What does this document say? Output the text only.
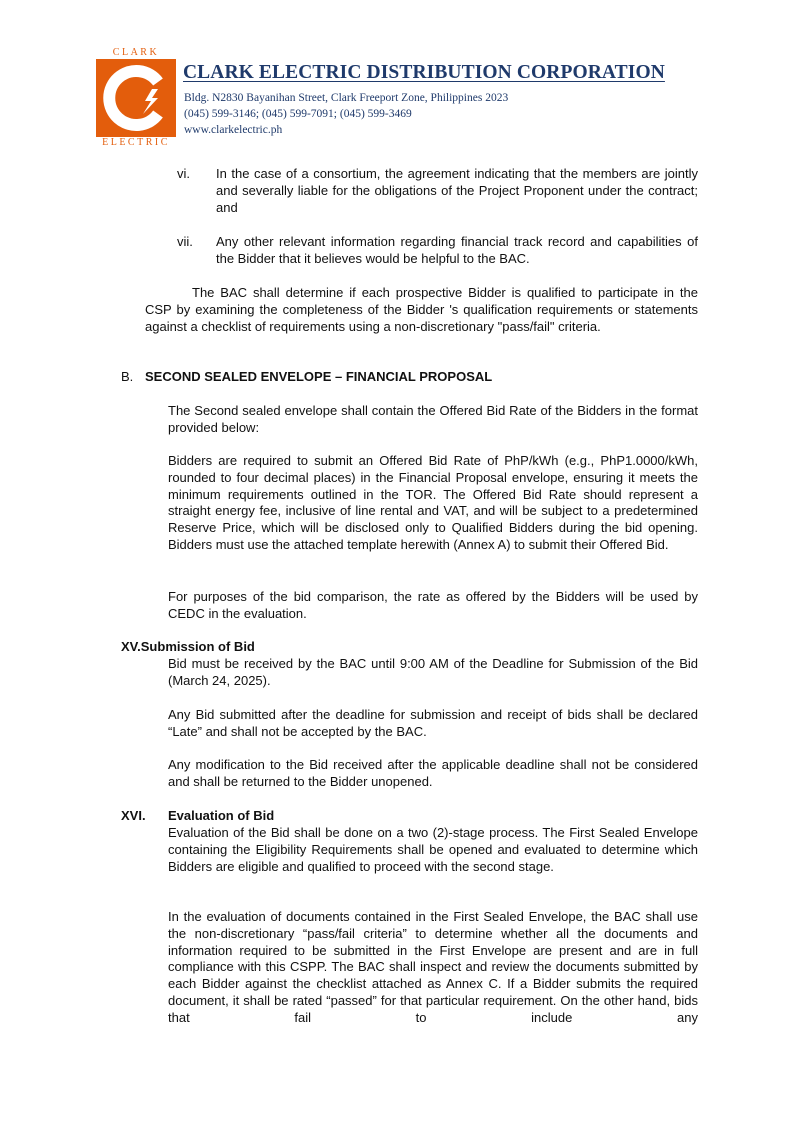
CLARK
ELECTRIC
CLARK ELECTRIC DISTRIBUTION CORPORATION
Bldg. N2830 Bayanihan Street, Clark Freeport Zone, Philippines 2023
(045) 599-3146; (045) 599-7091; (045) 599-3469
www.clarkelectric.ph
vi. In the case of a consortium, the agreement indicating that the members are jointly and severally liable for the obligations of the Project Proponent under the contract; and
vii. Any other relevant information regarding financial track record and capabilities of the Bidder that it believes would be helpful to the BAC.
The BAC shall determine if each prospective Bidder is qualified to participate in the CSP by examining the completeness of the Bidder 's qualification requirements or statements against a checklist of requirements using a non-discretionary "pass/fail" criteria.
B. SECOND SEALED ENVELOPE – FINANCIAL PROPOSAL
The Second sealed envelope shall contain the Offered Bid Rate of the Bidders in the format provided below:
Bidders are required to submit an Offered Bid Rate of PhP/kWh (e.g., PhP1.0000/kWh, rounded to four decimal places) in the Financial Proposal envelope, ensuring it meets the minimum requirements outlined in the TOR. The Offered Bid Rate should represent a straight energy fee, inclusive of line rental and VAT, and will be subject to a predetermined Reserve Price, which will be disclosed only to Qualified Bidders during the bid opening. Bidders must use the attached template herewith (Annex A) to submit their Offered Bid.
For purposes of the bid comparison, the rate as offered by the Bidders will be used by CEDC in the evaluation.
XV.Submission of Bid
Bid must be received by the BAC until 9:00 AM of the Deadline for Submission of the Bid (March 24, 2025).
Any Bid submitted after the deadline for submission and receipt of bids shall be declared “Late” and shall not be accepted by the BAC.
Any modification to the Bid received after the applicable deadline shall not be considered and shall be returned to the Bidder unopened.
XVI. Evaluation of Bid
Evaluation of the Bid shall be done on a two (2)-stage process. The First Sealed Envelope containing the Eligibility Requirements shall be opened and evaluated to determine which Bidders are eligible and qualified to proceed with the second stage.
In the evaluation of documents contained in the First Sealed Envelope, the BAC shall use the non-discretionary “pass/fail criteria” to determine whether all the documents and information required to be submitted in the First Envelope are present and are in full compliance with this CSPP. The BAC shall inspect and review the documents submitted by each Bidder against the checklist attached as Annex C. If a Bidder submits the required document, it shall be rated “passed” for that particular requirement. On the other hand, bids that fail to include any
